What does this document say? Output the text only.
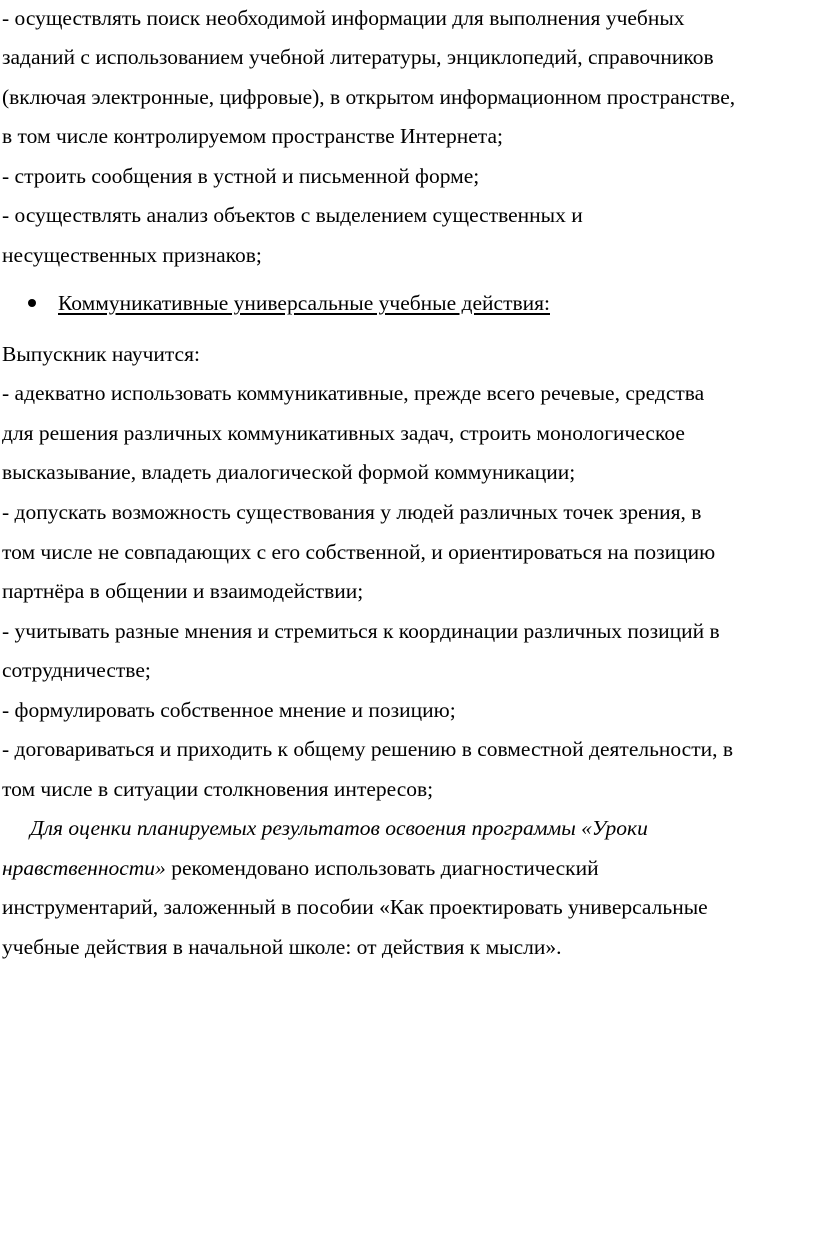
- осуществлять поиск необходимой информации для выполнения учебных
заданий с использованием учебной литературы, энциклопедий, справочников
(включая электронные, цифровые), в открытом информационном пространстве,
в том числе контролируемом пространстве Интернета;
- строить сообщения в устной и письменной форме;
- осуществлять анализ объектов с выделением существенных и
несущественных признаков;
Коммуникативные универсальные учебные действия:
Выпускник научится:
- адекватно использовать коммуникативные, прежде всего речевые, средства
для решения различных коммуникативных задач, строить монологическое
высказывание, владеть диалогической формой коммуникации;
- допускать возможность существования у людей различных точек зрения, в
том числе не совпадающих с его собственной, и ориентироваться на позицию
партнёра в общении и взаимодействии;
- учитывать разные мнения и стремиться к координации различных позиций в
сотрудничестве;
- формулировать собственное мнение и позицию;
- договариваться и приходить к общему решению в совместной деятельности, в
том числе в ситуации столкновения интересов;
Для оценки планируемых результатов освоения программы «Уроки
нравственности» рекомендовано использовать диагностический
инструментарий, заложенный в пособии «Как проектировать универсальные
учебные действия в начальной школе: от действия к мысли».
